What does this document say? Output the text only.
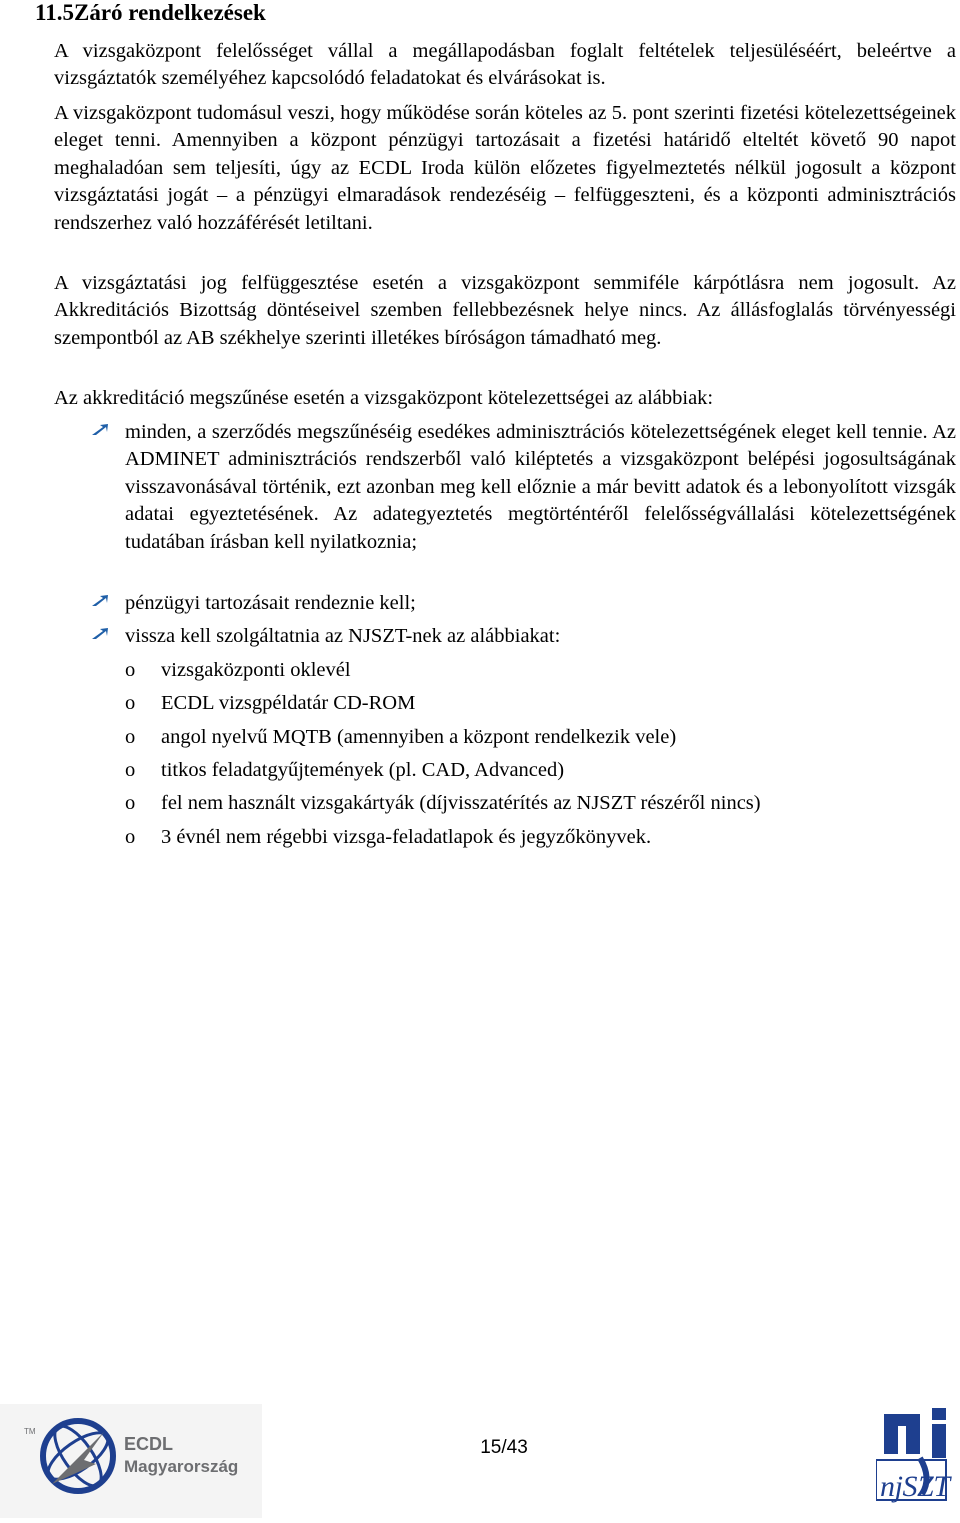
11.5Záró rendelkezések

A vizsgaközpont felelősséget vállal a megállapodásban foglalt feltételek teljesüléséért, beleértve a vizsgáztatók személyéhez kapcsolódó feladatokat és elvárásokat is.

A vizsgaközpont tudomásul veszi, hogy működése során köteles az 5. pont szerinti fizetési kötelezettségeinek eleget tenni. Amennyiben a központ pénzügyi tartozásait a fizetési határidő elteltét követő 90 napot meghaladóan sem teljesíti, úgy az ECDL Iroda külön előzetes figyelmeztetés nélkül jogosult a központ vizsgáztatási jogát – a pénzügyi elmaradások rendezéséig – felfüggeszteni, és a központi adminisztrációs rendszerhez való hozzáférését letiltani.

A vizsgáztatási jog felfüggesztése esetén a vizsgaközpont semmiféle kárpótlásra nem jogosult. Az Akkreditációs Bizottság döntéseivel szemben fellebbezésnek helye nincs. Az állásfoglalás törvényességi szempontból az AB székhelye szerinti illetékes bíróságon támadható meg.

Az akkreditáció megszűnése esetén a vizsgaközpont kötelezettségei az alábbiak:

minden, a szerződés megszűnéséig esedékes adminisztrációs kötelezettségének eleget kell tennie. Az ADMINET adminisztrációs rendszerből való kiléptetés a vizsgaközpont belépési jogosultságának visszavonásával történik, ezt azonban meg kell előznie a már bevitt adatok és a lebonyolított vizsgák adatai egyeztetésének. Az adategyeztetés megtörténtéről felelősségvállalási kötelezettségének tudatában írásban kell nyilatkoznia;

pénzügyi tartozásait rendeznie kell;

vissza kell szolgáltatnia az NJSZT-nek az alábbiakat:

o vizsgaközponti oklevél
o ECDL vizsgpéldatár CD-ROM
o angol nyelvű MQTB (amennyiben a központ rendelkezik vele)
o titkos feladatgyűjtemények (pl. CAD, Advanced)
o fel nem használt vizsgakártyák (díjvisszatérítés az NJSZT részéről nincs)
o 3 évnél nem régebbi vizsga-feladatlapok és jegyzőkönyvek.
TM
ECDL
Magyarország
15/43
njSZT
